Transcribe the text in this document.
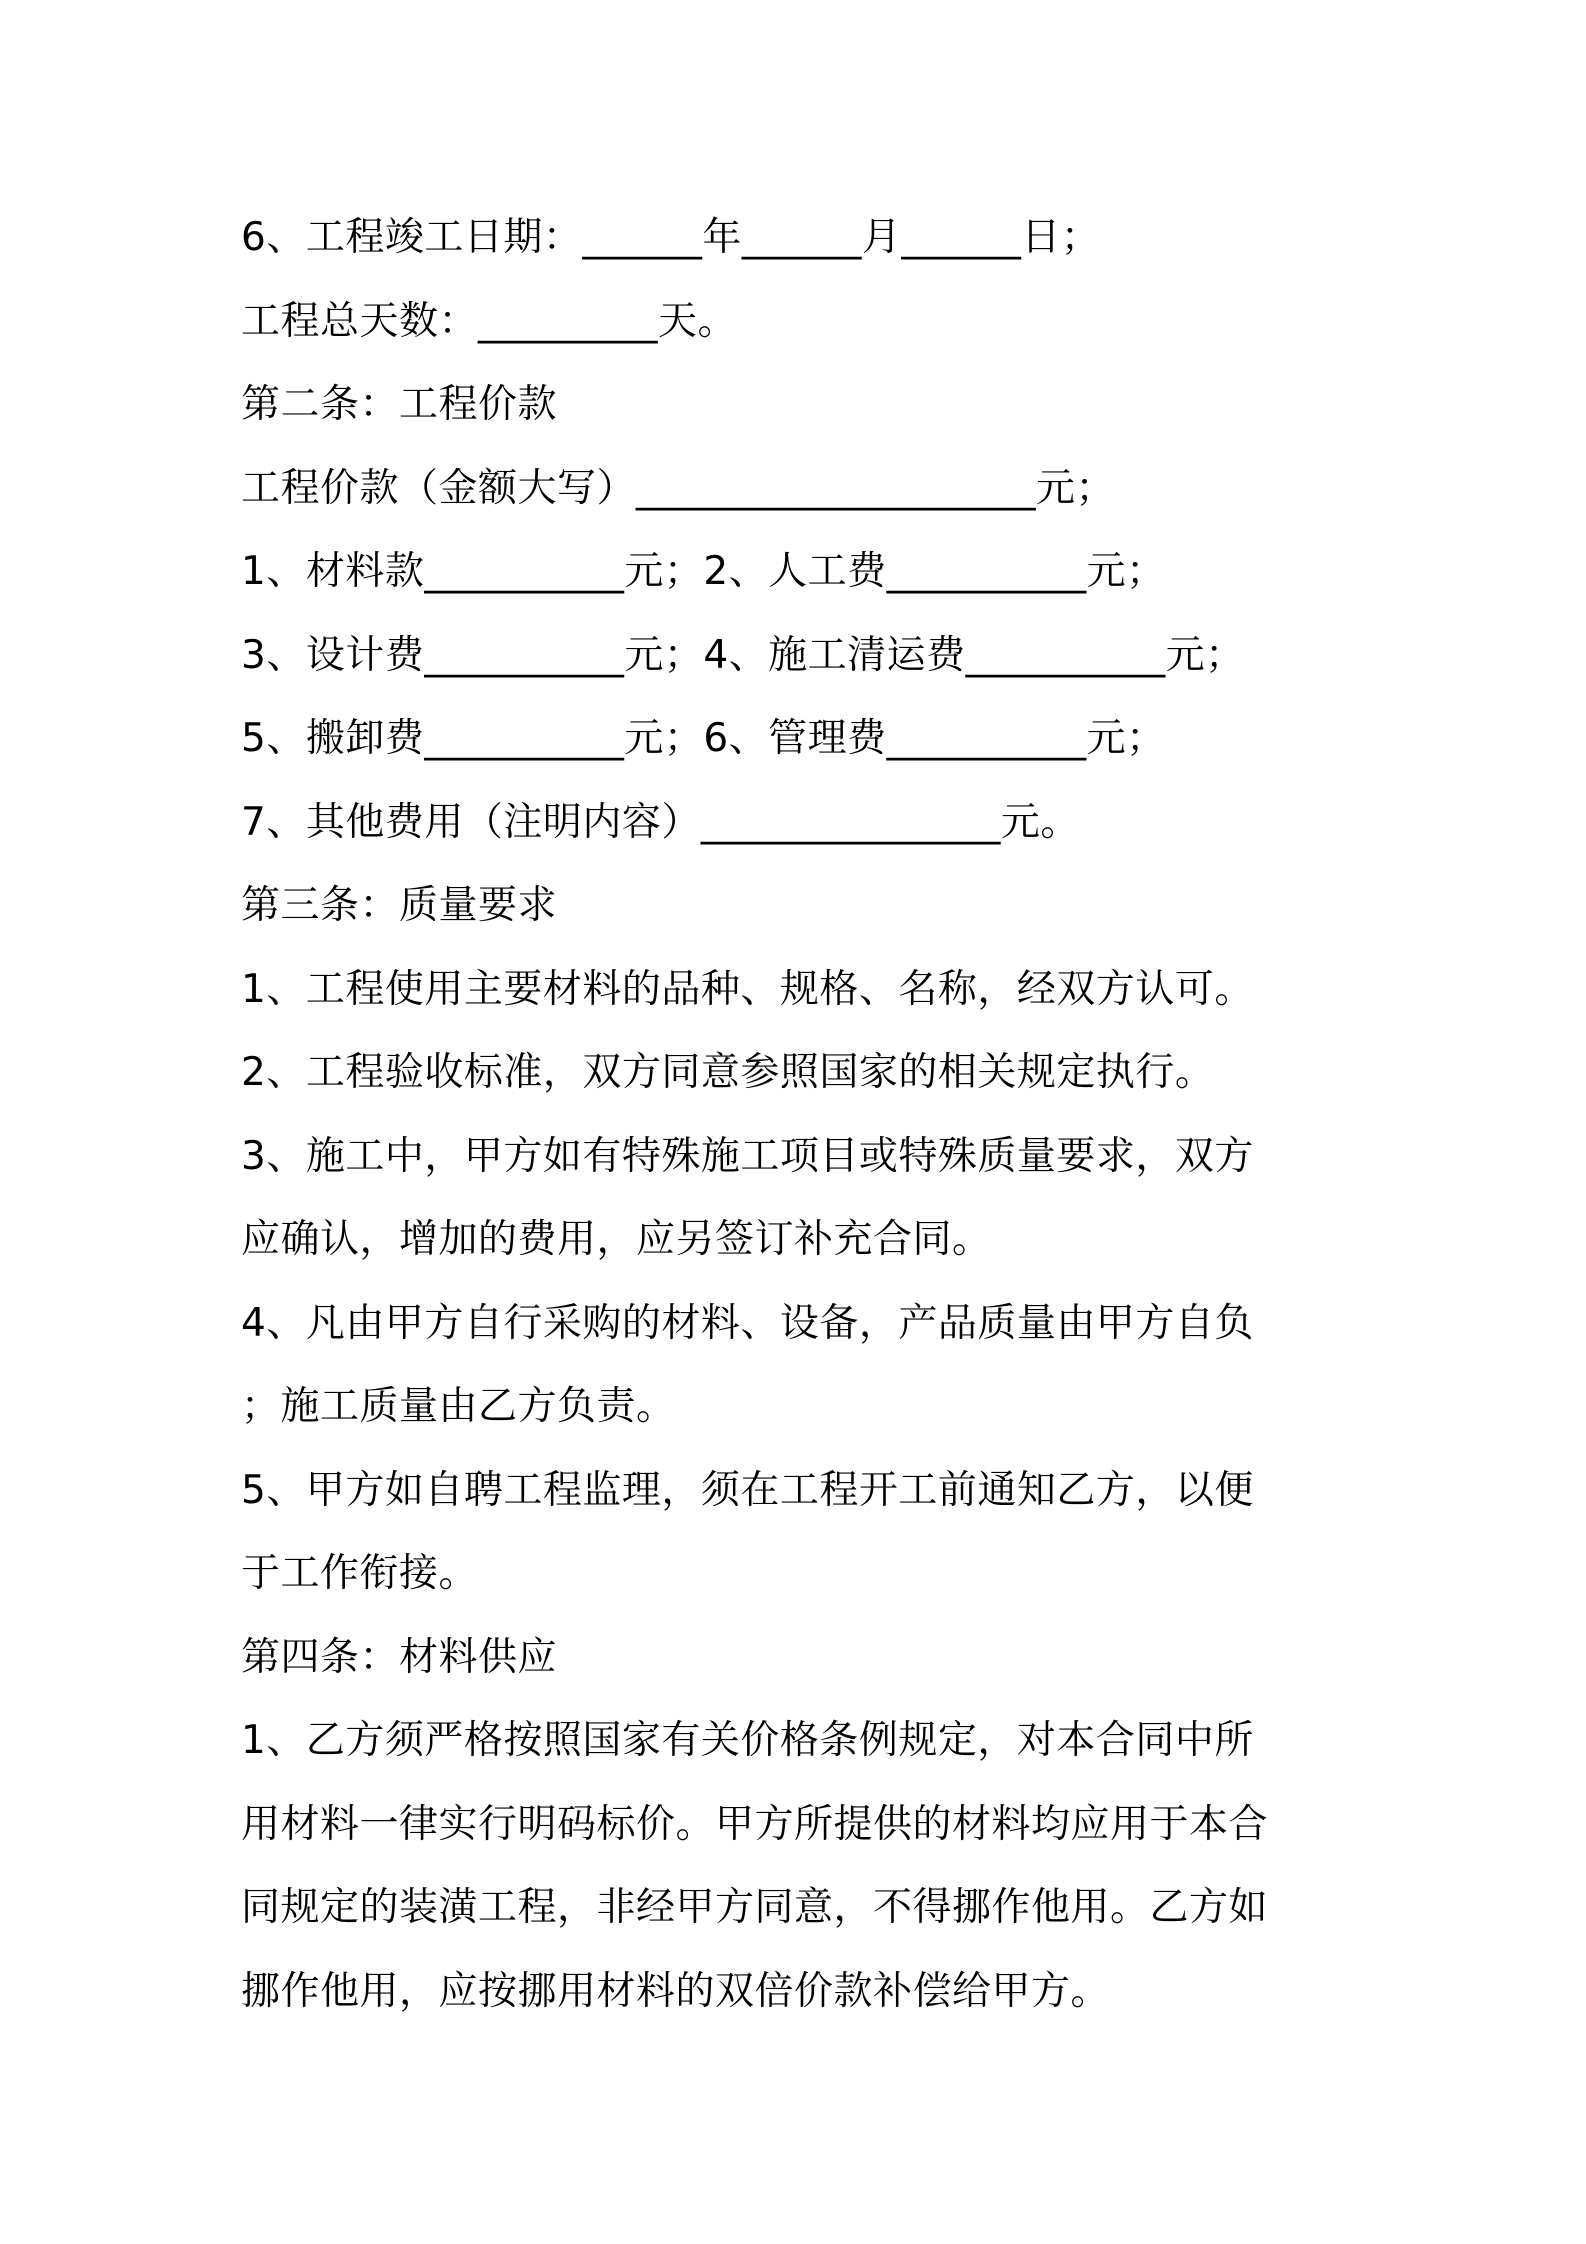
6、工程竣工日期：______年______月______日；
工程总天数：_________天。
第二条：工程价款
工程价款（金额大写）____________________元；
1、材料款__________元；2、人工费__________元；
3、设计费__________元；4、施工清运费__________元；
5、搬卸费__________元；6、管理费__________元；
7、其他费用（注明内容）_______________元。
第三条：质量要求
1、工程使用主要材料的品种、规格、名称，经双方认可。
2、工程验收标准，双方同意参照国家的相关规定执行。
3、施工中，甲方如有特殊施工项目或特殊质量要求，双方
应确认，增加的费用，应另签订补充合同。
4、凡由甲方自行采购的材料、设备，产品质量由甲方自负
；施工质量由乙方负责。
5、甲方如自聘工程监理，须在工程开工前通知乙方，以便
于工作衔接。
第四条：材料供应
1、乙方须严格按照国家有关价格条例规定，对本合同中所
用材料一律实行明码标价。甲方所提供的材料均应用于本合
同规定的装潢工程，非经甲方同意，不得挪作他用。乙方如
挪作他用，应按挪用材料的双倍价款补偿给甲方。
